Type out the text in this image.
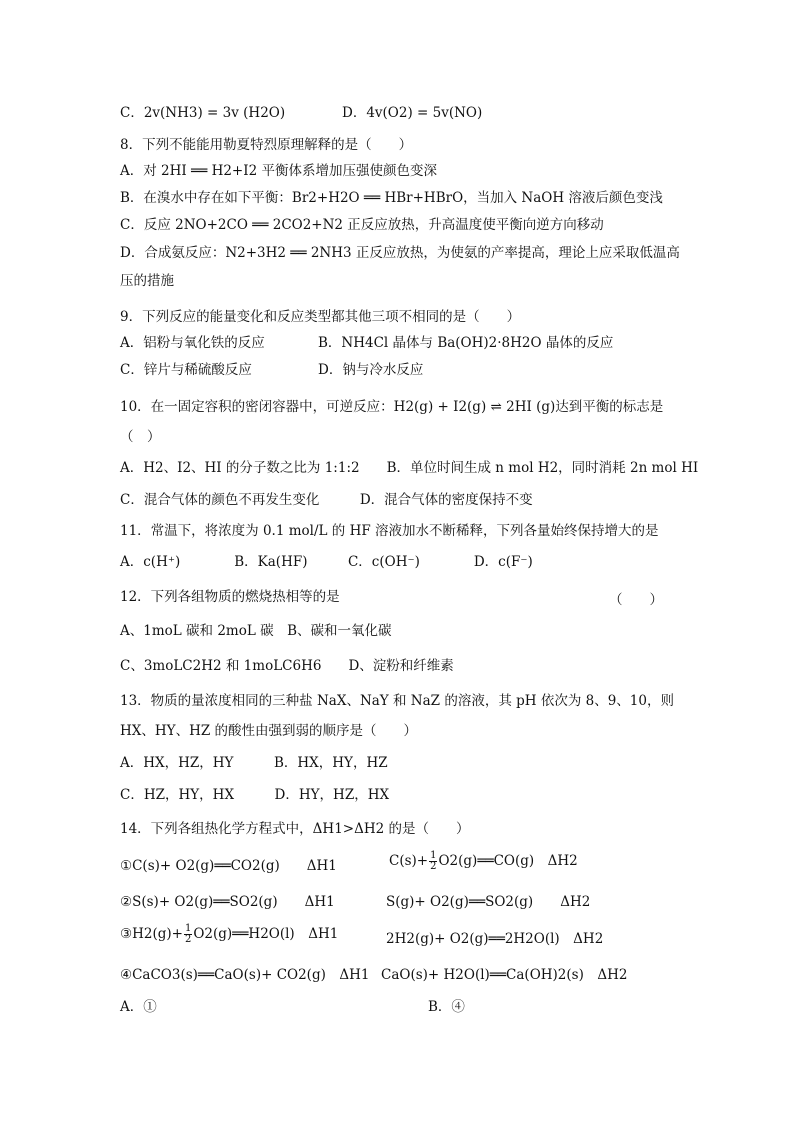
C．2v(NH3) = 3v (H2O)	D．4v(O2) = 5v(NO)
8．下列不能能用勒夏特烈原理解释的是（　　）
A．对 2HI ══ H2+I2 平衡体系增加压强使颜色变深
B．在溴水中存在如下平衡：Br2+H2O ══ HBr+HBrO，当加入 NaOH 溶液后颜色变浅
C．反应 2NO+2CO ══ 2CO2+N2 正反应放热，升高温度使平衡向逆方向移动
D．合成氨反应：N2+3H2 ══ 2NH3 正反应放热，为使氨的产率提高，理论上应采取低温高
压的措施
9．下列反应的能量变化和反应类型都其他三项不相同的是（　　）
A．铝粉与氧化铁的反应	B．NH4Cl 晶体与 Ba(OH)2·8H2O 晶体的反应
C．锌片与稀硫酸反应	D．钠与冷水反应
10．在一固定容积的密闭容器中，可逆反应：H2(g) + I2(g) ⇌ 2HI (g)达到平衡的标志是
（　）
A．H2、I2、HI 的分子数之比为 1:1:2　　B．单位时间生成 n mol H2，同时消耗 2n mol HI
C．混合气体的颜色不再发生变化　　　D．混合气体的密度保持不变
11．常温下，将浓度为 0.1 mol/L 的 HF 溶液加水不断稀释，下列各量始终保持增大的是
A．c(H⁺)　　　　B．Ka(HF)　　　C．c(OH⁻)　　　　D．c(F⁻)
12．下列各组物质的燃烧热相等的是
A、1moL 碳和 2moL 碳　B、碳和一氧化碳
C、3moLC2H2 和 1moLC6H6　　D、淀粉和纤维素
13．物质的量浓度相同的三种盐 NaX、NaY 和 NaZ 的溶液，其 pH 依次为 8、9、10，则
HX、HY、HZ 的酸性由强到弱的顺序是（　　）
A．HX，HZ，HY　　　B．HX，HY，HZ
C．HZ，HY，HX　　　D．HY，HZ，HX
14．下列各组热化学方程式中，ΔH1>ΔH2 的是（　　）
（　　）
①C(s)+ O2(g)══CO2(g)　　ΔH1	$C(s)+ \frac{1}{2}$ O2(g)══CO(g)　ΔH2
②S(s)+ O2(g)══SO2(g)　　ΔH1	S(g)+ O2(g)══SO2(g)　　ΔH2
③H2(g)+ $\frac{1}{2}$ O2(g)══H2O(l)　ΔH1	2H2(g)+ O2(g)══2H2O(l)　ΔH2
④CaCO3(s)══CaO(s)+ CO2(g)　ΔH1 CaO(s)+ H2O(l)══Ca(OH)2(s)　ΔH2
A．①	B．④
